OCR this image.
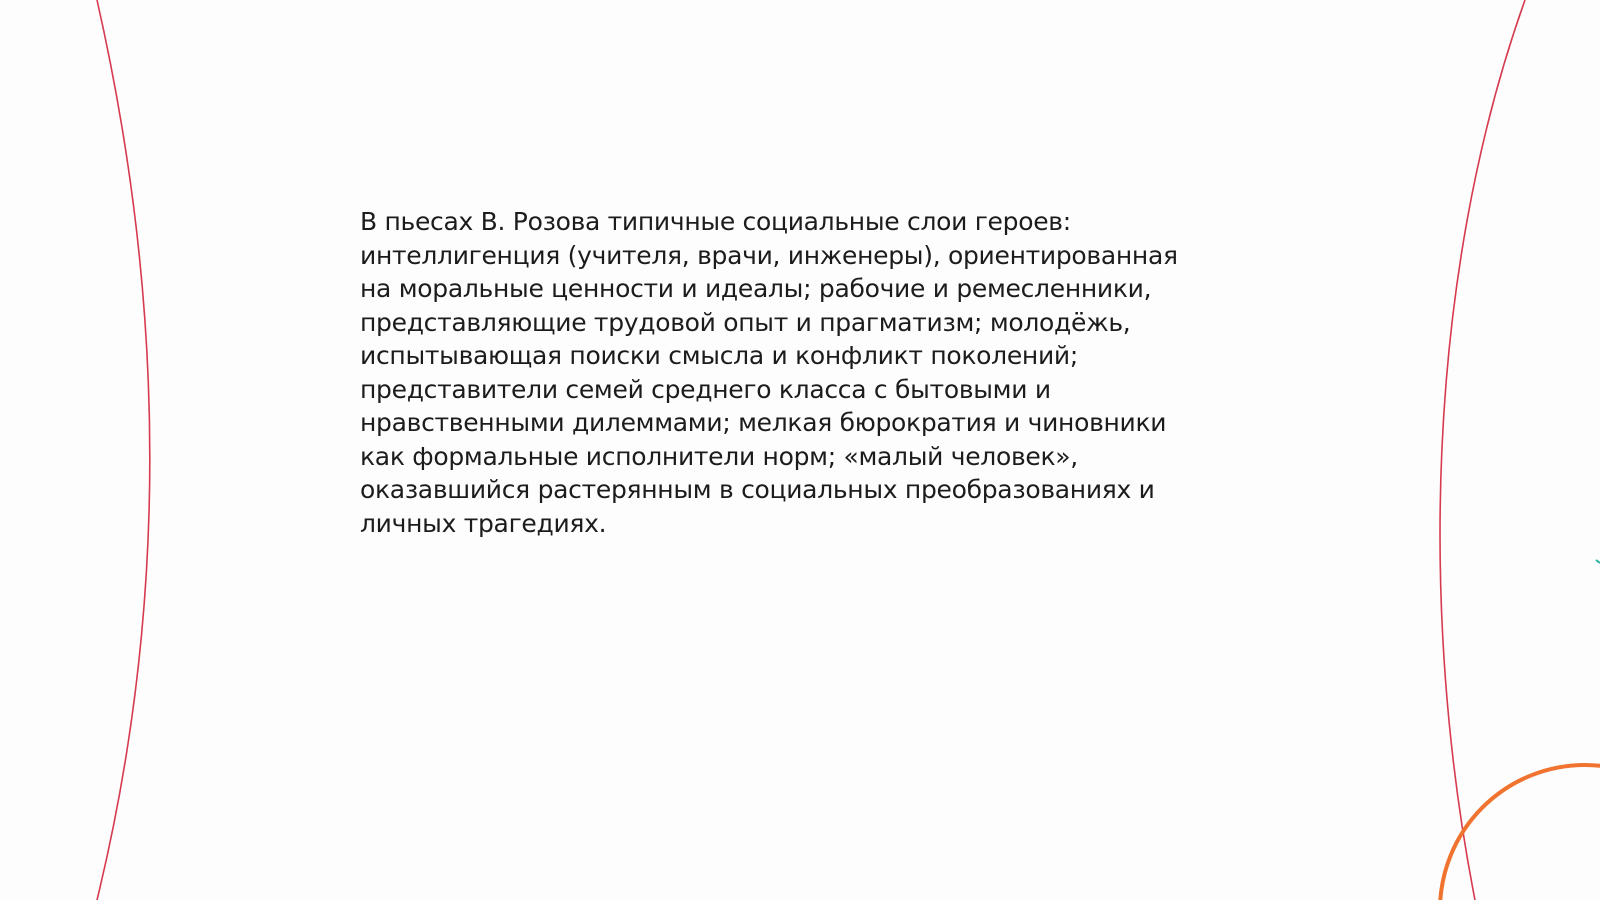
В пьесах В. Розова типичные социальные слои героев:
интеллигенция (учителя, врачи, инженеры), ориентированная
на моральные ценности и идеалы; рабочие и ремесленники,
представляющие трудовой опыт и прагматизм; молодёжь,
испытывающая поиски смысла и конфликт поколений;
представители семей среднего класса с бытовыми и
нравственными дилеммами; мелкая бюрократия и чиновники
как формальные исполнители норм; «малый человек»,
оказавшийся растерянным в социальных преобразованиях и
личных трагедиях.
